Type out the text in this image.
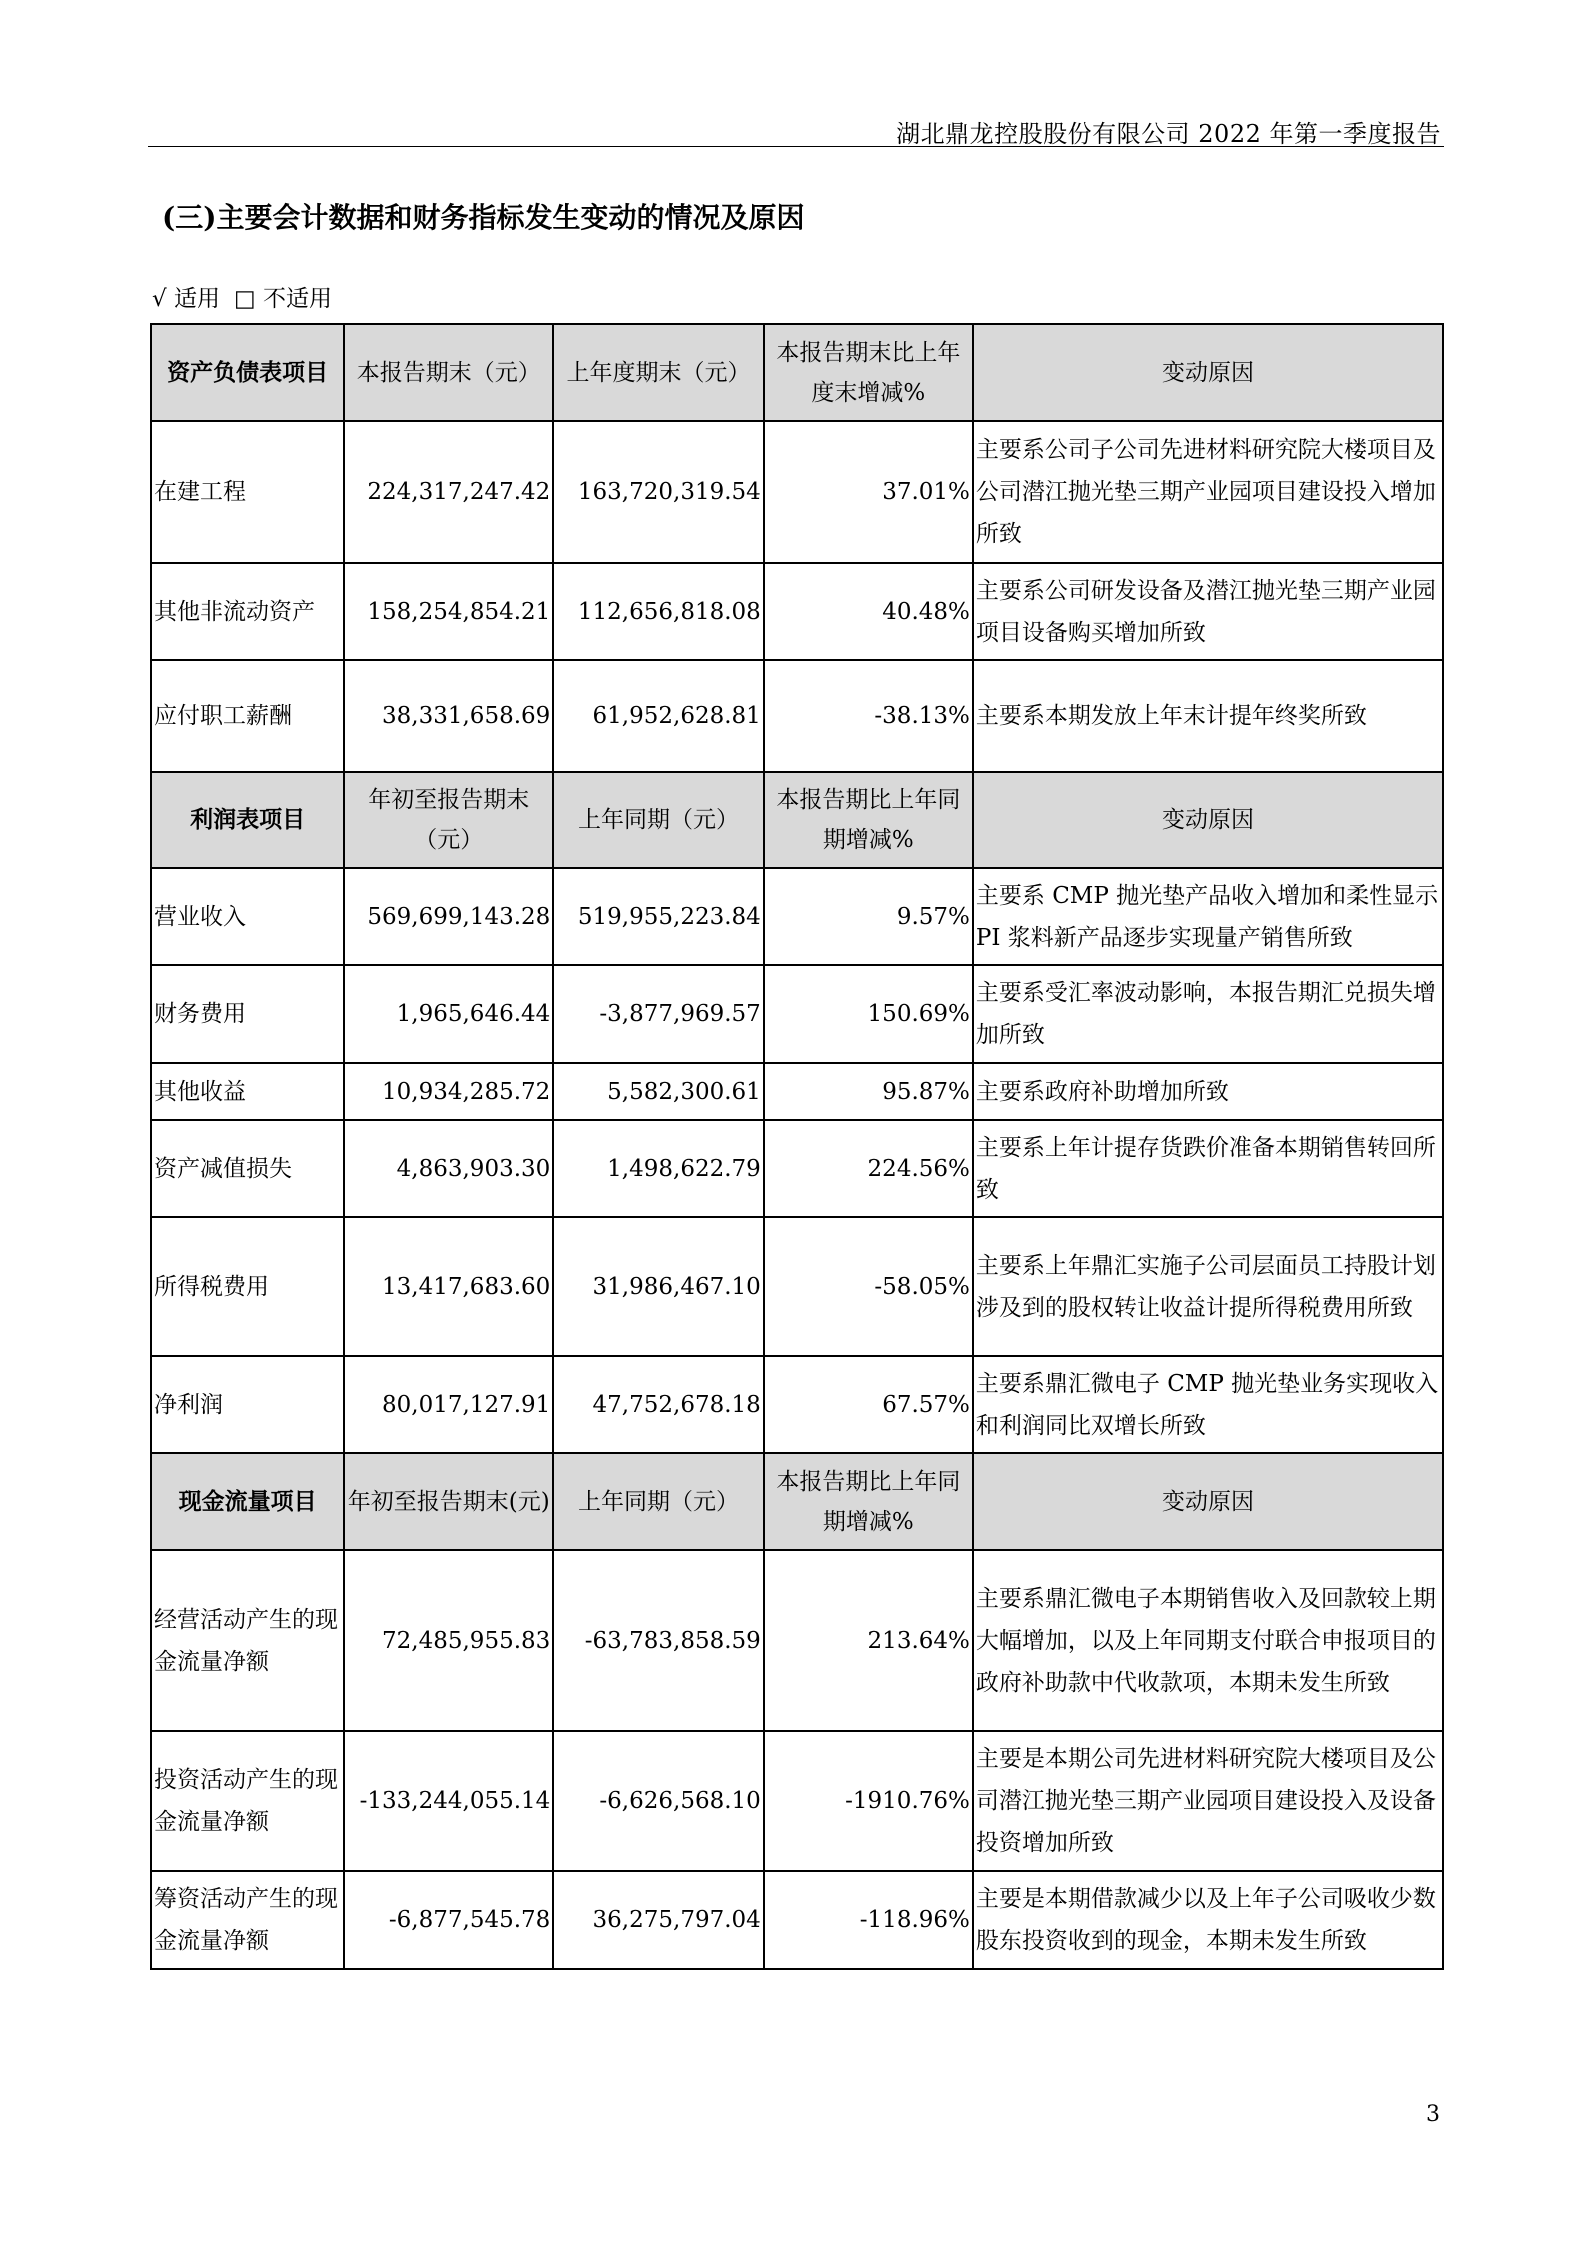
湖北鼎龙控股股份有限公司 2022 年第一季度报告
(三)主要会计数据和财务指标发生变动的情况及原因
√ 适用 □ 不适用
资产负债表项目	本报告期末（元）	上年度期末（元）	本报告期末比上年度末增减%	变动原因
在建工程	224,317,247.42	163,720,319.54	37.01%	主要系公司子公司先进材料研究院大楼项目及公司潜江抛光垫三期产业园项目建设投入增加所致
其他非流动资产	158,254,854.21	112,656,818.08	40.48%	主要系公司研发设备及潜江抛光垫三期产业园项目设备购买增加所致
应付职工薪酬	38,331,658.69	61,952,628.81	-38.13%	主要系本期发放上年末计提年终奖所致
利润表项目	年初至报告期末（元）	上年同期（元）	本报告期比上年同期增减%	变动原因
营业收入	569,699,143.28	519,955,223.84	9.57%	主要系 CMP 抛光垫产品收入增加和柔性显示 PI 浆料新产品逐步实现量产销售所致
财务费用	1,965,646.44	-3,877,969.57	150.69%	主要系受汇率波动影响，本报告期汇兑损失增加所致
其他收益	10,934,285.72	5,582,300.61	95.87%	主要系政府补助增加所致
资产减值损失	4,863,903.30	1,498,622.79	224.56%	主要系上年计提存货跌价准备本期销售转回所致
所得税费用	13,417,683.60	31,986,467.10	-58.05%	主要系上年鼎汇实施子公司层面员工持股计划涉及到的股权转让收益计提所得税费用所致
净利润	80,017,127.91	47,752,678.18	67.57%	主要系鼎汇微电子 CMP 抛光垫业务实现收入和利润同比双增长所致
现金流量项目	年初至报告期末(元)	上年同期（元）	本报告期比上年同期增减%	变动原因
经营活动产生的现金流量净额	72,485,955.83	-63,783,858.59	213.64%	主要系鼎汇微电子本期销售收入及回款较上期大幅增加，以及上年同期支付联合申报项目的政府补助款中代收款项，本期未发生所致
投资活动产生的现金流量净额	-133,244,055.14	-6,626,568.10	-1910.76%	主要是本期公司先进材料研究院大楼项目及公司潜江抛光垫三期产业园项目建设投入及设备投资增加所致
筹资活动产生的现金流量净额	-6,877,545.78	36,275,797.04	-118.96%	主要是本期借款减少以及上年子公司吸收少数股东投资收到的现金，本期未发生所致
3
